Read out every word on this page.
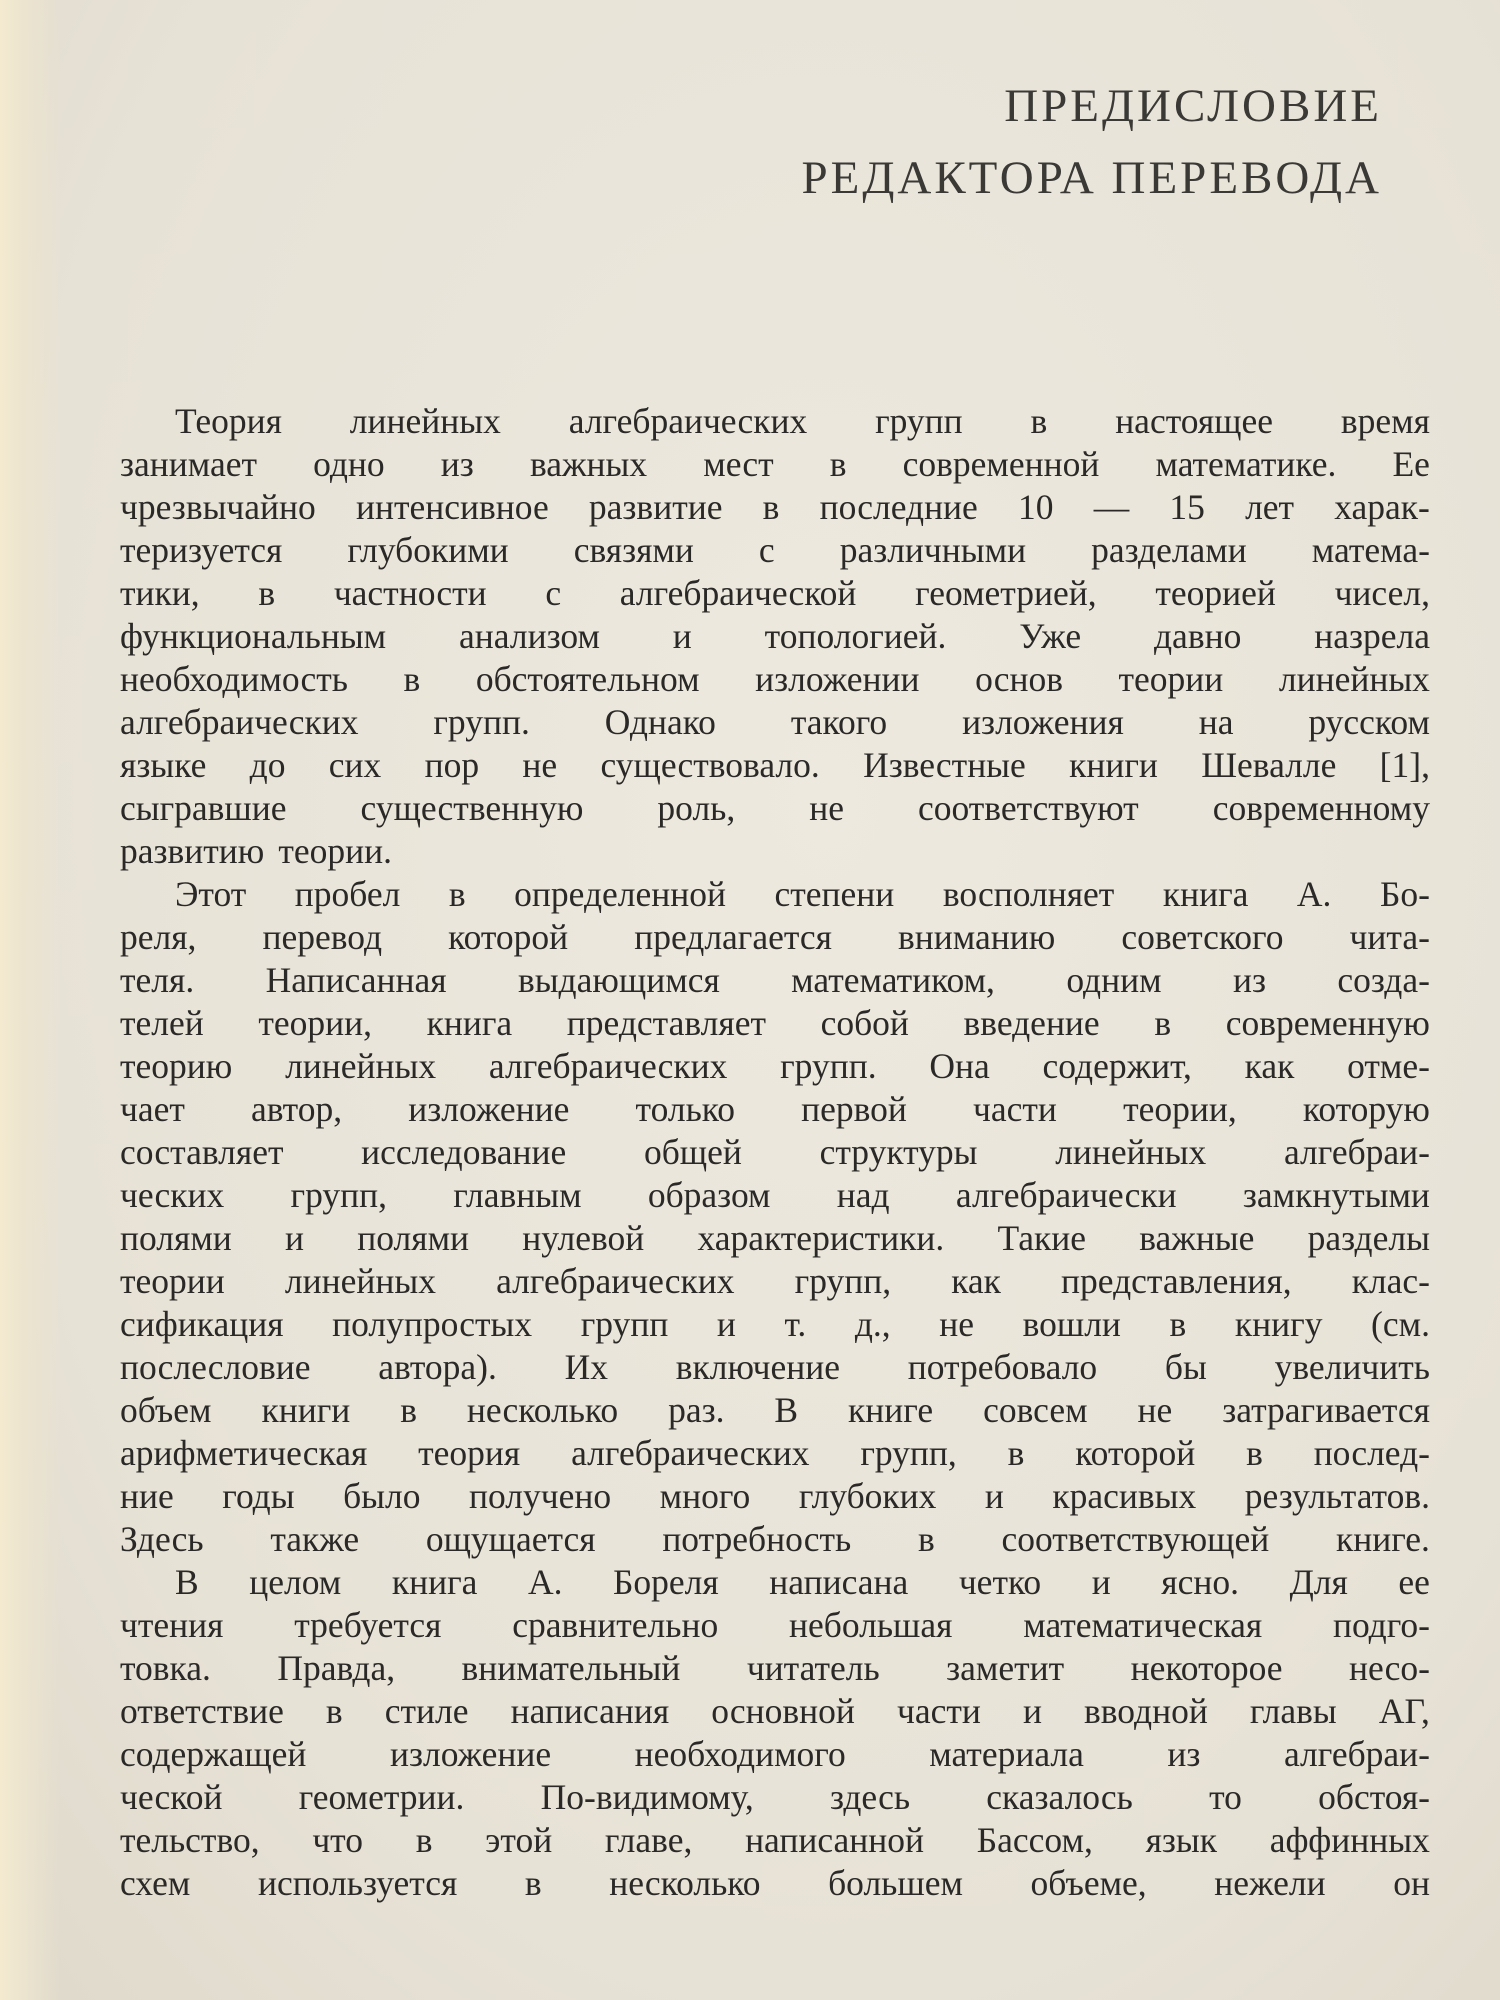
ПРЕДИСЛОВИЕ
РЕДАКТОРА ПЕРЕВОДА
Теория линейных алгебраических групп в настоящее время
занимает одно из важных мест в современной математике. Ее
чрезвычайно интенсивное развитие в последние 10 — 15 лет харак-
теризуется глубокими связями с различными разделами матема-
тики, в частности с алгебраической геометрией, теорией чисел,
функциональным анализом и топологией. Уже давно назрела
необходимость в обстоятельном изложении основ теории линейных
алгебраических групп. Однако такого изложения на русском
языке до сих пор не существовало. Известные книги Шевалле [1],
сыгравшие существенную роль, не соответствуют современному
развитию теории.
Этот пробел в определенной степени восполняет книга А. Бо-
реля, перевод которой предлагается вниманию советского чита-
теля. Написанная выдающимся математиком, одним из созда-
телей теории, книга представляет собой введение в современную
теорию линейных алгебраических групп. Она содержит, как отме-
чает автор, изложение только первой части теории, которую
составляет исследование общей структуры линейных алгебраи-
ческих групп, главным образом над алгебраически замкнутыми
полями и полями нулевой характеристики. Такие важные разделы
теории линейных алгебраических групп, как представления, клас-
сификация полупростых групп и т. д., не вошли в книгу (см.
послесловие автора). Их включение потребовало бы увеличить
объем книги в несколько раз. В книге совсем не затрагивается
арифметическая теория алгебраических групп, в которой в послед-
ние годы было получено много глубоких и красивых результатов.
Здесь также ощущается потребность в соответствующей книге.
В целом книга А. Бореля написана четко и ясно. Для ее
чтения требуется сравнительно небольшая математическая подго-
товка. Правда, внимательный читатель заметит некоторое несо-
ответствие в стиле написания основной части и вводной главы АГ,
содержащей изложение необходимого материала из алгебраи-
ческой геометрии. По-видимому, здесь сказалось то обстоя-
тельство, что в этой главе, написанной Бассом, язык аффинных
схем используется в несколько большем объеме, нежели он
